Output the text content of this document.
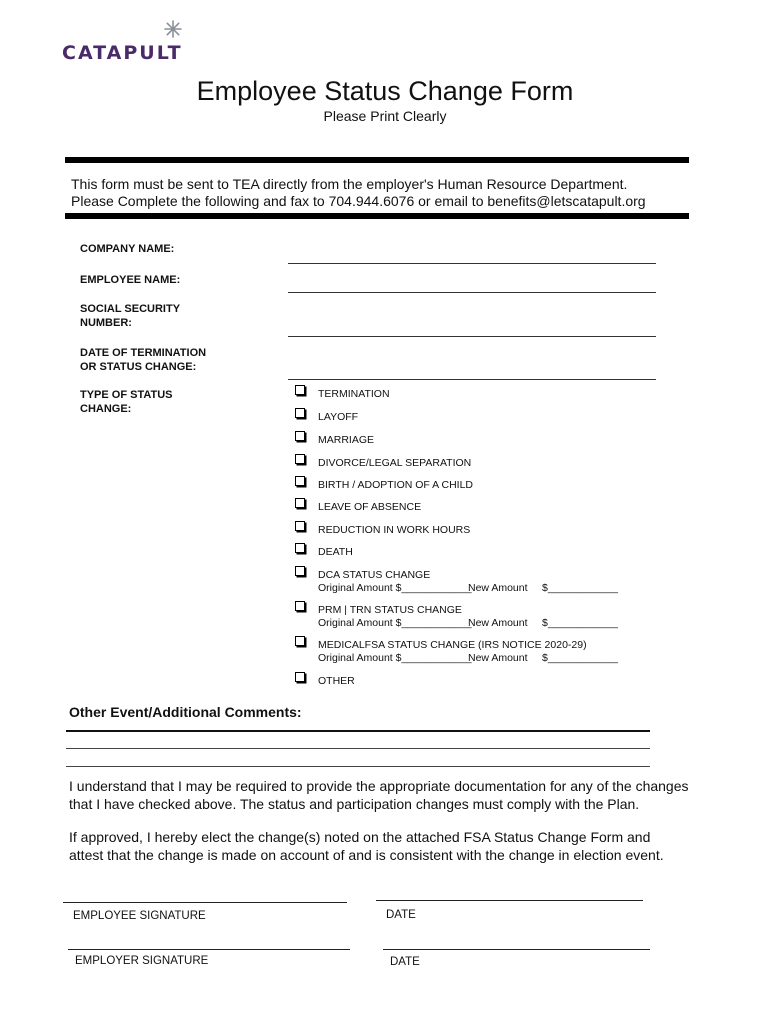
CATAPULT
Employee Status Change Form
Please Print Clearly
This form must be sent to TEA directly from the employer's Human Resource Department.
Please Complete the following and fax to 704.944.6076 or email to benefits@letscatapult.org
COMPANY NAME:
EMPLOYEE NAME:
SOCIAL SECURITY
NUMBER:
DATE OF TERMINATION
OR STATUS CHANGE:
TYPE OF STATUS
CHANGE:
TERMINATION
LAYOFF
MARRIAGE
DIVORCE/LEGAL SEPARATION
BIRTH / ADOPTION OF A CHILD
LEAVE OF ABSENCE
REDUCTION IN WORK HOURS
DEATH
DCA STATUS CHANGE
Original Amount $____________
New Amount $____________
PRM | TRN STATUS CHANGE
Original Amount $____________
New Amount $____________
MEDICALFSA STATUS CHANGE (IRS NOTICE 2020-29)
Original Amount $____________
New Amount $____________
OTHER
Other Event/Additional Comments:
I understand that I may be required to provide the appropriate documentation for any of the changes
that I have checked above. The status and participation changes must comply with the Plan.
If approved, I hereby elect the change(s) noted on the attached FSA Status Change Form and
attest that the change is made on account of and is consistent with the change in election event.
EMPLOYEE SIGNATURE	DATE
EMPLOYER SIGNATURE	DATE
